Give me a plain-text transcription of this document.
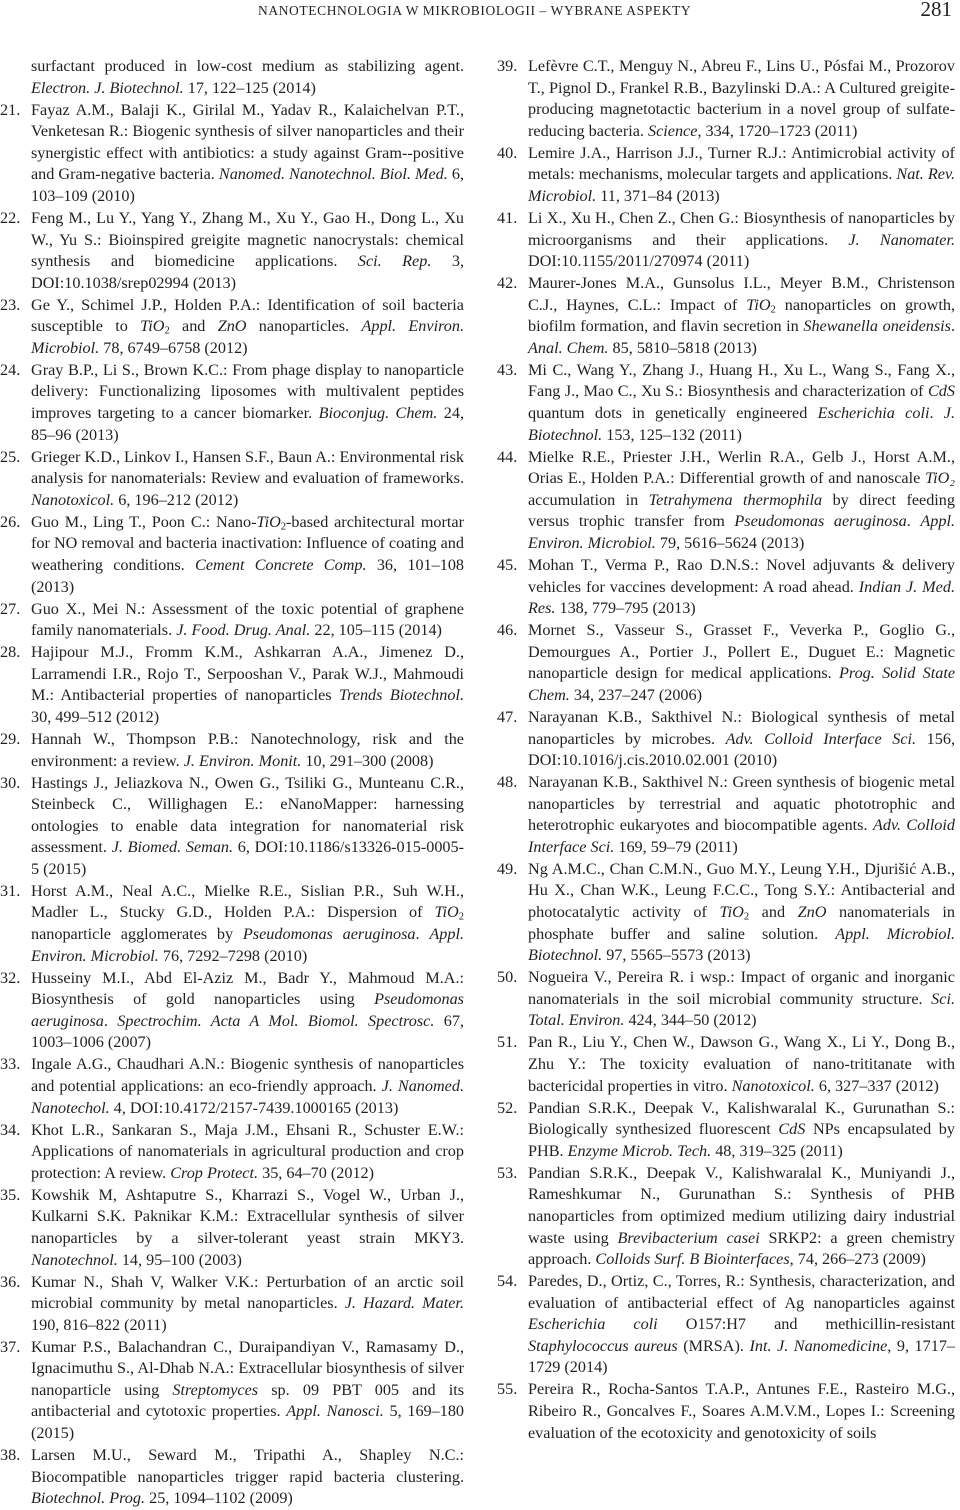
NANOTECHNOLOGIA W MIKROBIOLOGII – WYBRANE ASPEKTY	281
surfactant produced in low-cost medium as stabilizing agent. Electron. J. Biotechnol. 17, 122–125 (2014)
21. Fayaz A.M., Balaji K., Girilal M., Yadav R., Kalaichelvan P.T., Venketesan R.: Biogenic synthesis of silver nanoparticles and their synergistic effect with antibiotics: a study against Gram--positive and Gram-negative bacteria. Nanomed. Nanotechnol. Biol. Med. 6, 103–109 (2010)
22. Feng M., Lu Y., Yang Y., Zhang M., Xu Y., Gao H., Dong L., Xu W., Yu S.: Bioinspired greigite magnetic nanocrystals: chemical synthesis and biomedicine applications. Sci. Rep. 3, DOI:10.1038/srep02994 (2013)
23. Ge Y., Schimel J.P., Holden P.A.: Identification of soil bacteria susceptible to TiO$_2$ and ZnO nanoparticles. Appl. Environ. Microbiol. 78, 6749–6758 (2012)
24. Gray B.P., Li S., Brown K.C.: From phage display to nanoparticle delivery: Functionalizing liposomes with multivalent peptides improves targeting to a cancer biomarker. Bioconjug. Chem. 24, 85–96 (2013)
25. Grieger K.D., Linkov I., Hansen S.F., Baun A.: Environmental risk analysis for nanomaterials: Review and evaluation of frameworks. Nanotoxicol. 6, 196–212 (2012)
26. Guo M., Ling T., Poon C.: Nano-TiO$_2$-based architectural mortar for NO removal and bacteria inactivation: Influence of coating and weathering conditions. Cement Concrete Comp. 36, 101–108 (2013)
27. Guo X., Mei N.: Assessment of the toxic potential of graphene family nanomaterials. J. Food. Drug. Anal. 22, 105–115 (2014)
28. Hajipour M.J., Fromm K.M., Ashkarran A.A., Jimenez D., Larramendi I.R., Rojo T., Serpooshan V., Parak W.J., Mahmoudi M.: Antibacterial properties of nanoparticles Trends Biotechnol. 30, 499–512 (2012)
29. Hannah W., Thompson P.B.: Nanotechnology, risk and the environment: a review. J. Environ. Monit. 10, 291–300 (2008)
30. Hastings J., Jeliazkova N., Owen G., Tsiliki G., Munteanu C.R., Steinbeck C., Willighagen E.: eNanoMapper: harnessing ontologies to enable data integration for nanomaterial risk assessment. J. Biomed. Seman. 6, DOI:10.1186/s13326-015-0005-5 (2015)
31. Horst A.M., Neal A.C., Mielke R.E., Sislian P.R., Suh W.H., Madler L., Stucky G.D., Holden P.A.: Dispersion of TiO$_2$ nanoparticle agglomerates by Pseudomonas aeruginosa. Appl. Environ. Microbiol. 76, 7292–7298 (2010)
32. Husseiny M.I., Abd El-Aziz M., Badr Y., Mahmoud M.A.: Biosynthesis of gold nanoparticles using Pseudomonas aeruginosa. Spectrochim. Acta A Mol. Biomol. Spectrosc. 67, 1003–1006 (2007)
33. Ingale A.G., Chaudhari A.N.: Biogenic synthesis of nanoparticles and potential applications: an eco-friendly approach. J. Nanomed. Nanotechol. 4, DOI:10.4172/2157-7439.1000165 (2013)
34. Khot L.R., Sankaran S., Maja J.M., Ehsani R., Schuster E.W.: Applications of nanomaterials in agricultural production and crop protection: A review. Crop Protect. 35, 64–70 (2012)
35. Kowshik M, Ashtaputre S., Kharrazi S., Vogel W., Urban J., Kulkarni S.K. Paknikar K.M.: Extracellular synthesis of silver nanoparticles by a silver-tolerant yeast strain MKY3. Nanotechnol. 14, 95–100 (2003)
36. Kumar N., Shah V, Walker V.K.: Perturbation of an arctic soil microbial community by metal nanoparticles. J. Hazard. Mater. 190, 816–822 (2011)
37. Kumar P.S., Balachandran C., Duraipandiyan V., Ramasamy D., Ignacimuthu S., Al-Dhab N.A.: Extracellular biosynthesis of silver nanoparticle using Streptomyces sp. 09 PBT 005 and its antibacterial and cytotoxic properties. Appl. Nanosci. 5, 169–180 (2015)
38. Larsen M.U., Seward M., Tripathi A., Shapley N.C.: Biocompatible nanoparticles trigger rapid bacteria clustering. Biotechnol. Prog. 25, 1094–1102 (2009)
39. Lefèvre C.T., Menguy N., Abreu F., Lins U., Pósfai M., Prozorov T., Pignol D., Frankel R.B., Bazylinski D.A.: A Cultured greigite-producing magnetotactic bacterium in a novel group of sulfate-reducing bacteria. Science, 334, 1720–1723 (2011)
40. Lemire J.A., Harrison J.J., Turner R.J.: Antimicrobial activity of metals: mechanisms, molecular targets and applications. Nat. Rev. Microbiol. 11, 371–84 (2013)
41. Li X., Xu H., Chen Z., Chen G.: Biosynthesis of nanoparticles by microorganisms and their applications. J. Nanomater. DOI:10.1155/2011/270974 (2011)
42. Maurer-Jones M.A., Gunsolus I.L., Meyer B.M., Christenson C.J., Haynes, C.L.: Impact of TiO$_2$ nanoparticles on growth, biofilm formation, and flavin secretion in Shewanella oneidensis. Anal. Chem. 85, 5810–5818 (2013)
43. Mi C., Wang Y., Zhang J., Huang H., Xu L., Wang S., Fang X., Fang J., Mao C., Xu S.: Biosynthesis and characterization of CdS quantum dots in genetically engineered Escherichia coli. J. Biotechnol. 153, 125–132 (2011)
44. Mielke R.E., Priester J.H., Werlin R.A., Gelb J., Horst A.M., Orias E., Holden P.A.: Differential growth of and nanoscale TiO₂ accumulation in Tetrahymena thermophila by direct feeding versus trophic transfer from Pseudomonas aeruginosa. Appl. Environ. Microbiol. 79, 5616–5624 (2013)
45. Mohan T., Verma P., Rao D.N.S.: Novel adjuvants & delivery vehicles for vaccines development: A road ahead. Indian J. Med. Res. 138, 779–795 (2013)
46. Mornet S., Vasseur S., Grasset F., Veverka P., Goglio G., Demourgues A., Portier J., Pollert E., Duguet E.: Magnetic nanoparticle design for medical applications. Prog. Solid State Chem. 34, 237–247 (2006)
47. Narayanan K.B., Sakthivel N.: Biological synthesis of metal nanoparticles by microbes. Adv. Colloid Interface Sci. 156, DOI:10.1016/j.cis.2010.02.001 (2010)
48. Narayanan K.B., Sakthivel N.: Green synthesis of biogenic metal nanoparticles by terrestrial and aquatic phototrophic and heterotrophic eukaryotes and biocompatible agents. Adv. Colloid Interface Sci. 169, 59–79 (2011)
49. Ng A.M.C., Chan C.M.N., Guo M.Y., Leung Y.H., Djurišić A.B., Hu X., Chan W.K., Leung F.C.C., Tong S.Y.: Antibacterial and photocatalytic activity of TiO$_2$ and ZnO nanomaterials in phosphate buffer and saline solution. Appl. Microbiol. Biotechnol. 97, 5565–5573 (2013)
50. Nogueira V., Pereira R. i wsp.: Impact of organic and inorganic nanomaterials in the soil microbial community structure. Sci. Total. Environ. 424, 344–50 (2012)
51. Pan R., Liu Y., Chen W., Dawson G., Wang X., Li Y., Dong B., Zhu Y.: The toxicity evaluation of nano-trititanate with bactericidal properties in vitro. Nanotoxicol. 6, 327–337 (2012)
52. Pandian S.R.K., Deepak V., Kalishwaralal K., Gurunathan S.: Biologically synthesized fluorescent CdS NPs encapsulated by PHB. Enzyme Microb. Tech. 48, 319–325 (2011)
53. Pandian S.R.K., Deepak V., Kalishwaralal K., Muniyandi J., Rameshkumar N., Gurunathan S.: Synthesis of PHB nanoparticles from optimized medium utilizing dairy industrial waste using Brevibacterium casei SRKP2: a green chemistry approach. Colloids Surf. B Biointerfaces, 74, 266–273 (2009)
54. Paredes, D., Ortiz, C., Torres, R.: Synthesis, characterization, and evaluation of antibacterial effect of Ag nanoparticles against Escherichia coli O157:H7 and methicillin-resistant Staphylococcus aureus (MRSA). Int. J. Nanomedicine, 9, 1717–1729 (2014)
55. Pereira R., Rocha-Santos T.A.P., Antunes F.E., Rasteiro M.G., Ribeiro R., Goncalves F., Soares A.M.V.M., Lopes I.: Screening evaluation of the ecotoxicity and genotoxicity of soils
